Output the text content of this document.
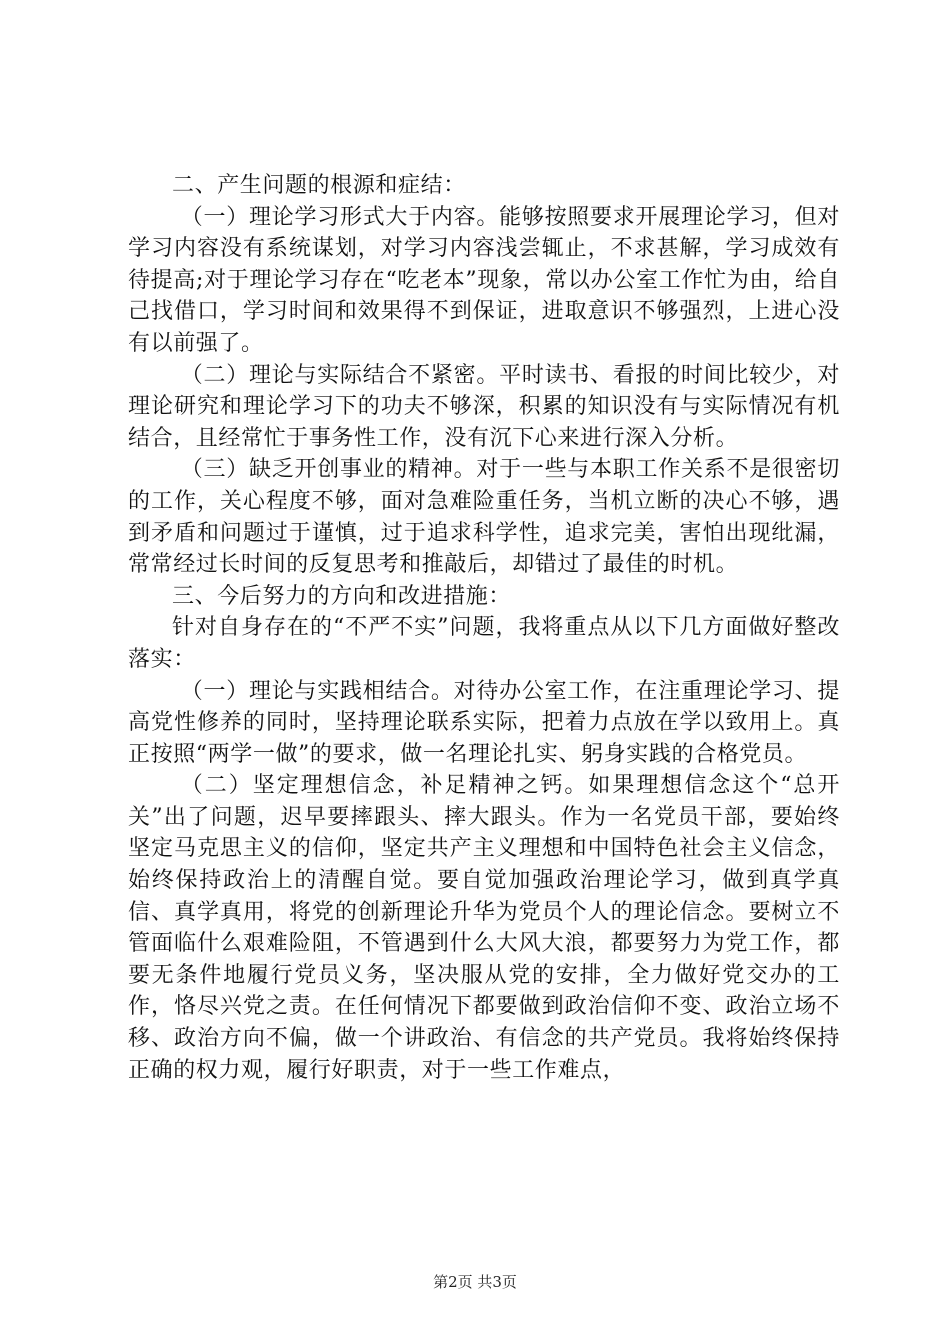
二、产生问题的根源和症结：

（一）理论学习形式大于内容。能够按照要求开展理论学习，但对学习内容没有系统谋划，对学习内容浅尝辄止，不求甚解，学习成效有待提高;对于理论学习存在“吃老本”现象，常以办公室工作忙为由，给自己找借口，学习时间和效果得不到保证，进取意识不够强烈，上进心没有以前强了。

（二）理论与实际结合不紧密。平时读书、看报的时间比较少，对理论研究和理论学习下的功夫不够深，积累的知识没有与实际情况有机结合，且经常忙于事务性工作，没有沉下心来进行深入分析。

（三）缺乏开创事业的精神。对于一些与本职工作关系不是很密切的工作，关心程度不够，面对急难险重任务，当机立断的决心不够，遇到矛盾和问题过于谨慎，过于追求科学性，追求完美，害怕出现纰漏，常常经过长时间的反复思考和推敲后，却错过了最佳的时机。

三、今后努力的方向和改进措施：

针对自身存在的“不严不实”问题，我将重点从以下几方面做好整改落实：

（一）理论与实践相结合。对待办公室工作，在注重理论学习、提高党性修养的同时，坚持理论联系实际，把着力点放在学以致用上。真正按照“两学一做”的要求，做一名理论扎实、躬身实践的合格党员。

（二）坚定理想信念，补足精神之钙。如果理想信念这个“总开关”出了问题，迟早要摔跟头、摔大跟头。作为一名党员干部，要始终坚定马克思主义的信仰，坚定共产主义理想和中国特色社会主义信念，始终保持政治上的清醒自觉。要自觉加强政治理论学习，做到真学真信、真学真用，将党的创新理论升华为党员个人的理论信念。要树立不管面临什么艰难险阻，不管遇到什么大风大浪，都要努力为党工作，都要无条件地履行党员义务，坚决服从党的安排，全力做好党交办的工作，恪尽兴党之责。在任何情况下都要做到政治信仰不变、政治立场不移、政治方向不偏，做一个讲政治、有信念的共产党员。我将始终保持正确的权力观，履行好职责，对于一些工作难点，

第2页 共3页
